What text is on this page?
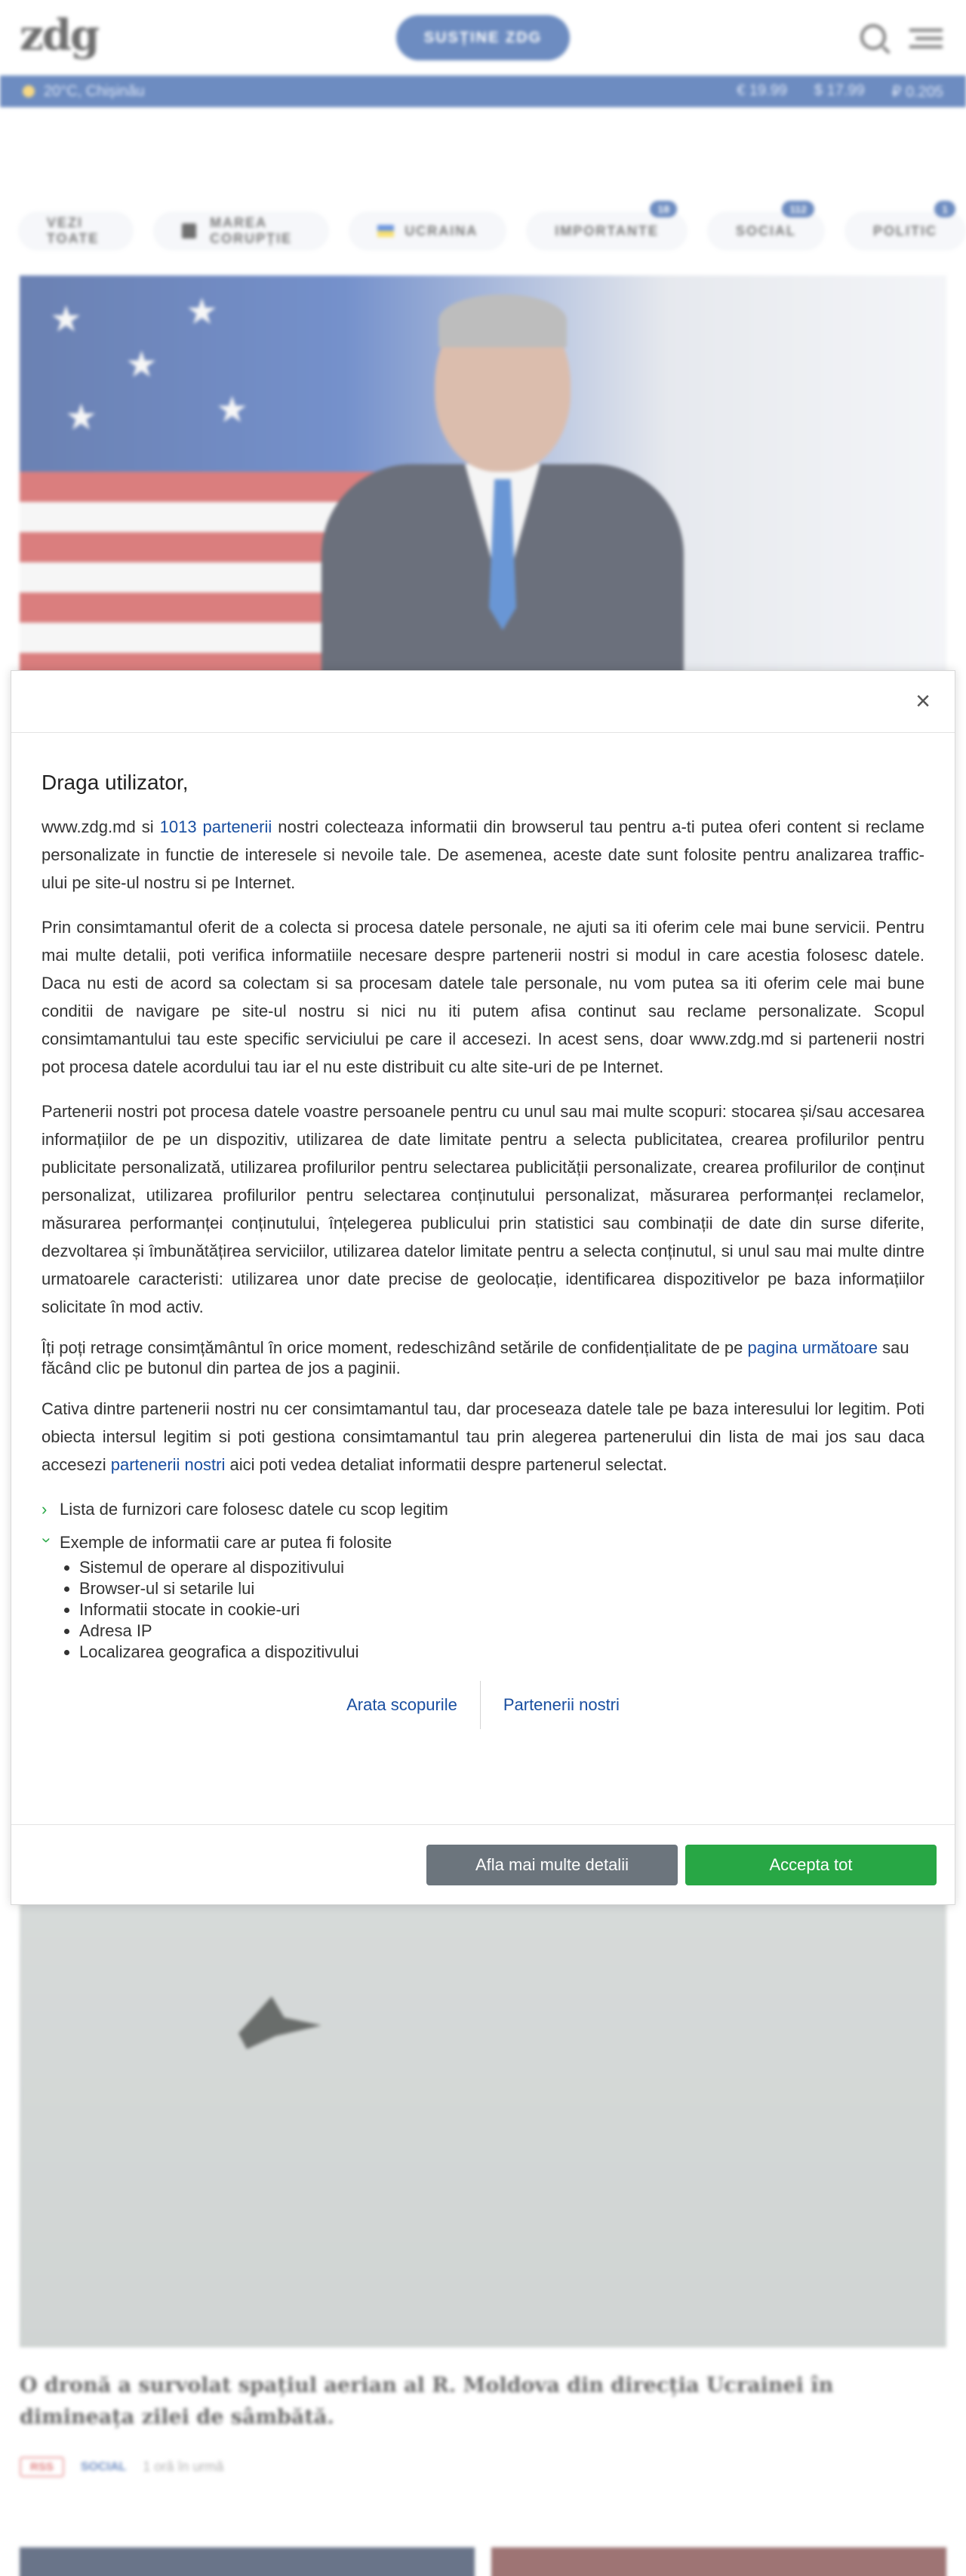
zdg	SUSȚINE ZDG
20°C, Chișinău	€ 19.99 $ 17.99 ₽ 0.205
VEZI TOATE
MAREA CORUPȚIE
UCRAINA	IMPORTANTE
18
SOCIAL
112
POLITIC
1
★
★
★
★
★
O dronă a survolat spațiul aerian al R. Moldova din direcția Ucrainei în dimineața zilei de sâmbătă.
RSS	SOCIAL 1 oră în urmă
×
Draga utilizator,

www.zdg.md si 1013 partenerii nostri colecteaza informatii din browserul tau pentru a-ti putea oferi content si reclame personalizate in functie de interesele si nevoile tale. De asemenea, aceste date sunt folosite pentru analizarea traffic-ului pe site-ul nostru si pe Internet.

Prin consimtamantul oferit de a colecta si procesa datele personale, ne ajuti sa iti oferim cele mai bune servicii. Pentru mai multe detalii, poti verifica informatiile necesare despre partenerii nostri si modul in care acestia folosesc datele. Daca nu esti de acord sa colectam si sa procesam datele tale personale, nu vom putea sa iti oferim cele mai bune conditii de navigare pe site-ul nostru si nici nu iti putem afisa continut sau reclame personalizate. Scopul consimtamantului tau este specific serviciului pe care il accesezi. In acest sens, doar www.zdg.md si partenerii nostri pot procesa datele acordului tau iar el nu este distribuit cu alte site-uri de pe Internet.

Partenerii nostri pot procesa datele voastre persoanele pentru cu unul sau mai multe scopuri: stocarea și/sau accesarea informațiilor de pe un dispozitiv, utilizarea de date limitate pentru a selecta publicitatea, crearea profilurilor pentru publicitate personalizată, utilizarea profilurilor pentru selectarea publicității personalizate, crearea profilurilor de conținut personalizat, utilizarea profilurilor pentru selectarea conținutului personalizat, măsurarea performanței reclamelor, măsurarea performanței conținutului, înțelegerea publicului prin statistici sau combinații de date din surse diferite, dezvoltarea și îmbunătățirea serviciilor, utilizarea datelor limitate pentru a selecta conținutul, si unul sau mai multe dintre urmatoarele caracteristi: utilizarea unor date precise de geolocație, identificarea dispozitivelor pe baza informațiilor solicitate în mod activ.

Îți poți retrage consimțământul în orice moment, redeschizând setările de confidențialitate de pe pagina următoare sau făcând clic pe butonul din partea de jos a paginii.

Cativa dintre partenerii nostri nu cer consimtamantul tau, dar proceseaza datele tale pe baza interesului lor legitim. Poti obiecta intersul legitim si poti gestiona consimtamantul tau prin alegerea partenerului din lista de mai jos sau daca accesezi partenerii nostri aici poti vedea detaliat informatii despre partenerul selectat.

› Lista de furnizori care folosesc datele cu scop legitim
› Exemple de informatii care ar putea fi folosite
• Sistemul de operare al dispozitivului
• Browser-ul si setarile lui
• Informatii stocate in cookie-uri
• Adresa IP
• Localizarea geografica a dispozitivului
Arata scopurile	Partenerii nostri
Afla mai multe detalii	Accepta tot
